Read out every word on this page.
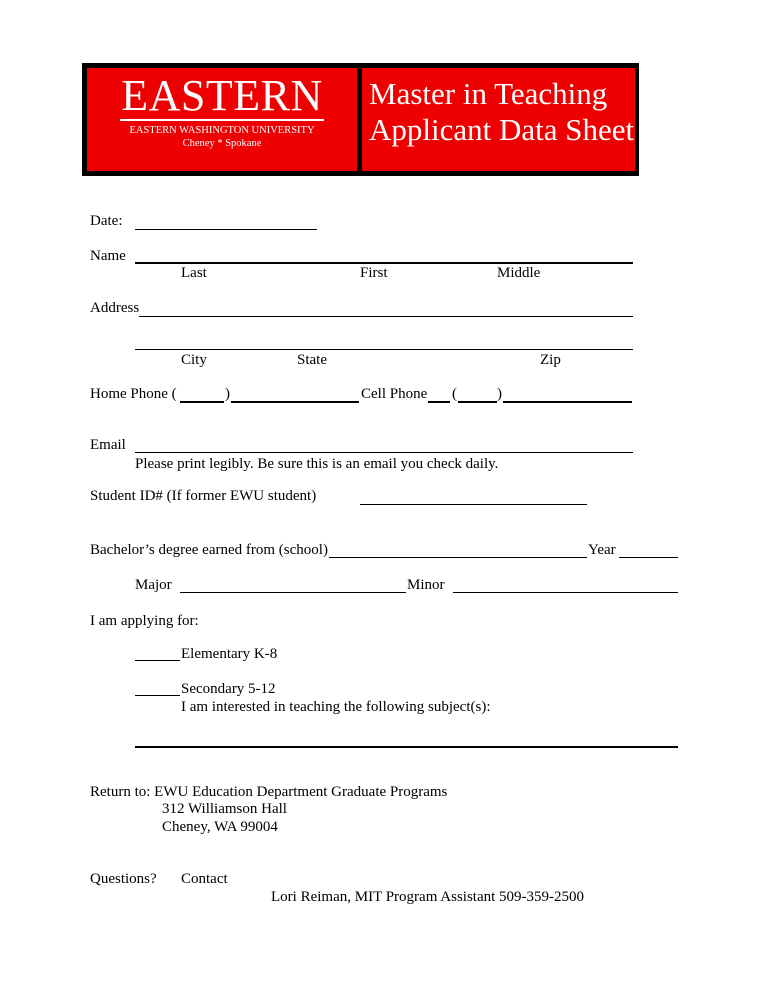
EASTERN
EASTERN WASHINGTON UNIVERSITY
Cheney * Spokane
Master in Teaching
Applicant Data Sheet
Date:
Name
Last	First	Middle
Address
City	State	Zip
Home Phone (	)	Cell Phone (	)
Email
Please print legibly. Be sure this is an email you check daily.
Student ID# (If former EWU student)
Bachelor’s degree earned from (school)	Year
Major	Minor
I am applying for:
Elementary K-8
Secondary 5-12
I am interested in teaching the following subject(s):
Return to: EWU Education Department Graduate Programs
312 Williamson Hall
Cheney, WA 99004
Questions? Contact
Lori Reiman, MIT Program Assistant 509-359-2500
